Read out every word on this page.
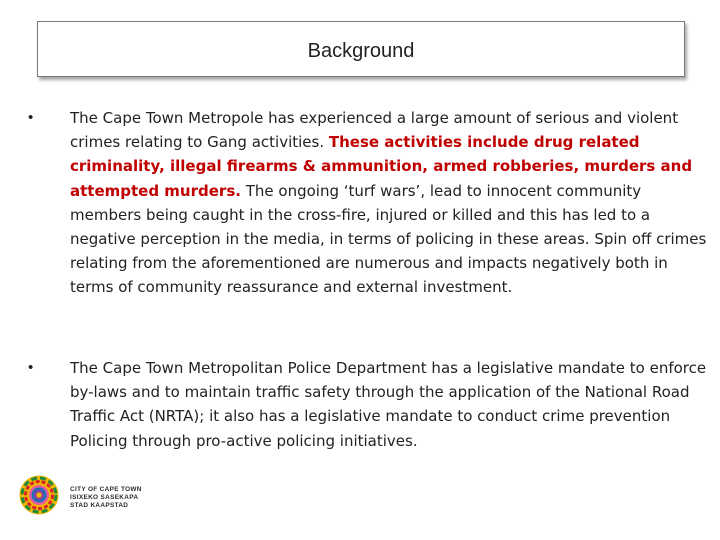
Background
• The Cape Town Metropole has experienced a large amount of serious and violent crimes relating to Gang activities. These activities include drug related criminality, illegal firearms & ammunition, armed robberies, murders and attempted murders. The ongoing ‘turf wars’, lead to innocent community members being caught in the cross-fire, injured or killed and this has led to a negative perception in the media, in terms of policing in these areas. Spin off crimes relating from the aforementioned are numerous and impacts negatively both in terms of community reassurance and external investment.
• The Cape Town Metropolitan Police Department has a legislative mandate to enforce by-laws and to maintain traffic safety through the application of the National Road Traffic Act (NRTA); it also has a legislative mandate to conduct crime prevention Policing through pro-active policing initiatives.
CITY OF CAPE TOWN
ISIXEKO SASEKAPA
STAD KAAPSTAD
